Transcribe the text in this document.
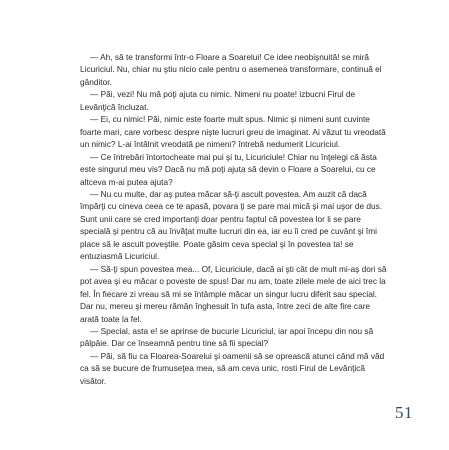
— Ah, să te transformi într-o Floare a Soarelui! Ce idee neobişnuită! se miră Licuriciul. Nu, chiar nu ştiu nicio cale pentru o asemenea transformare, continuă el gânditor.

— Păi, vezi! Nu mă poţi ajuta cu nimic. Nimeni nu poate! izbucni Firul de Levănţică încluzat.

— Ei, cu nimic! Păi, nimic este foarte mult spus. Nimic şi nimeni sunt cuvinte foarte mari, care vorbesc despre nişte lucruri greu de imaginat. Ai văzut tu vreodată un nimic? L-ai întâlnit vreodată pe nimeni? întrebă nedumerit Licuriciul.

— Ce întrebări întortocheate mai pui şi tu, Licuriciule! Chiar nu înţelegi că ăsta este singurul meu vis? Dacă nu mă poţi ajuta să devin o Floare a Soarelui, cu ce altceva m-ai putea ajuta?

— Nu cu multe, dar aş putea măcar să-ţi ascult povestea. Am auzit că dacă împărţi cu cineva ceea ce te apasă, povara ţi se pare mai mică şi mai uşor de dus. Sunt unii care se cred importanţi doar pentru faptul că povestea lor li se pare specială şi pentru că au învăţat multe lucruri din ea, iar eu îi cred pe cuvânt şi îmi place să le ascult poveştile. Poate găsim ceva special şi în povestea ta! se entuziasmă Licuriciul.

— Să-ţi spun povestea mea... Of, Licuriciule, dacă ai şti cât de mult mi-aş dori să pot avea şi eu măcar o poveste de spus! Dar nu am, toate zilele mele de aici trec la fel. În fiecare zi vreau să mi se întâmple măcar un singur lucru diferit sau special. Dar nu, mereu şi mereu rămân înghesuit în tufa asta, între zeci de alte fire care arată toate la fel.

— Special, asta e! se aprinse de bucurie Licuriciul, iar apoi începu din nou să pâlpâie. Dar ce înseamnă pentru tine să fii special?

— Păi, să fiu ca Floarea-Soarelui şi oamenii să se oprească atunci când mă văd ca să se bucure de frumuseţea mea, să am ceva unic, rosti Firul de Levănţică visător.

51
